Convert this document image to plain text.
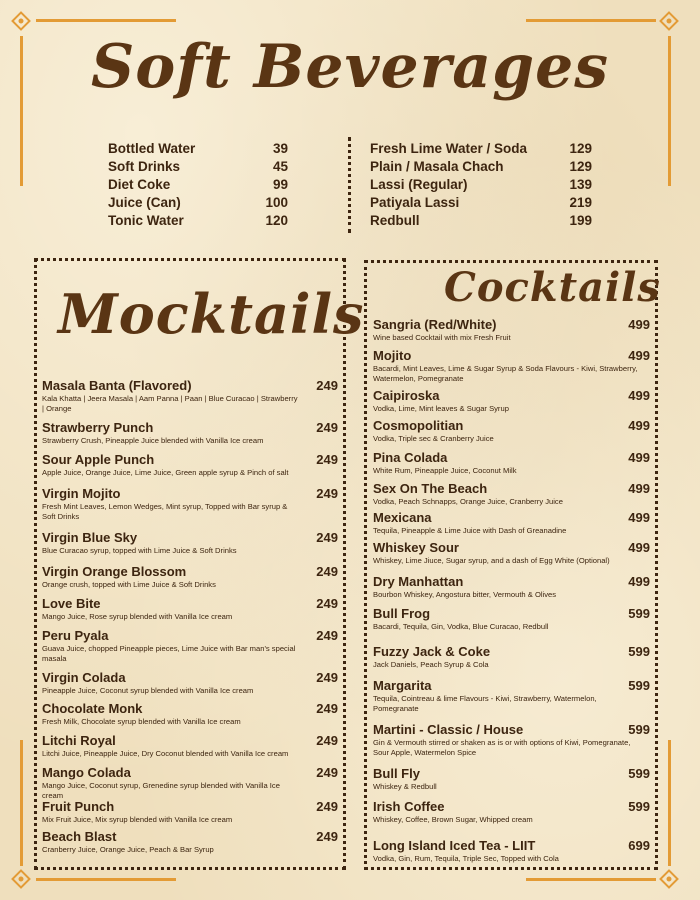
Soft Beverages
Bottled Water	39
Soft Drinks	45
Diet Coke	99
Juice (Can)	100
Tonic Water	120
Fresh Lime Water / Soda	129
Plain / Masala Chach	129
Lassi (Regular)	139
Patiyala Lassi	219
Redbull	199
Mocktails Cocktails
Masala Banta (Flavored)	249
Kala Khatta | Jeera Masala | Aam Panna | Paan | Blue Curacao | Strawberry | Orange
Strawberry Punch	249
Strawberry Crush, Pineapple Juice blended with Vanilla Ice cream
Sour Apple Punch	249
Apple Juice, Orange Juice, Lime Juice, Green apple syrup & Pinch of salt
Virgin Mojito	249
Fresh Mint Leaves, Lemon Wedges, Mint syrup, Topped with Bar syrup & Soft Drinks
Virgin Blue Sky	249
Blue Curacao syrup, topped with Lime Juice & Soft Drinks
Virgin Orange Blossom	249
Orange crush, topped with Lime Juice & Soft Drinks
Love Bite	249
Mango Juice, Rose syrup blended with Vanilla Ice cream
Peru Pyala	249
Guava Juice, chopped Pineapple pieces, Lime Juice with Bar man's special masala
Virgin Colada	249
Pineapple Juice, Coconut syrup blended with Vanilla Ice cream
Chocolate Monk	249
Fresh Milk, Chocolate syrup blended with Vanilla Ice cream
Litchi Royal	249
Litchi Juice, Pineapple Juice, Dry Coconut blended with Vanilla Ice cream
Mango Colada	249
Mango Juice, Coconut syrup, Grenedine syrup blended with Vanilla Ice cream
Fruit Punch	249
Mix Fruit Juice, Mix syrup blended with Vanilla Ice cream
Beach Blast	249
Cranberry Juice, Orange Juice, Peach & Bar Syrup
Sangria (Red/White)	499
Wine based Cocktail with mix Fresh Fruit
Mojito	499
Bacardi, Mint Leaves, Lime & Sugar Syrup & Soda Flavours - Kiwi, Strawberry, Watermelon, Pomegranate
Caipiroska	499
Vodka, Lime, Mint leaves & Sugar Syrup
Cosmopolitian	499
Vodka, Triple sec & Cranberry Juice
Pina Colada	499
White Rum, Pineapple Juice, Coconut Milk
Sex On The Beach	499
Vodka, Peach Schnapps, Orange Juice, Cranberry Juice
Mexicana	499
Tequila, Pineapple & Lime Juice with Dash of Greanadine
Whiskey Sour	499
Whiskey, Lime Jiuce, Sugar syrup, and a dash of Egg White (Optional)
Dry Manhattan	499
Bourbon Whiskey, Angostura bitter, Vermouth & Olives
Bull Frog	599
Bacardi, Tequila, Gin, Vodka, Blue Curacao, Redbull
Fuzzy Jack & Coke	599
Jack Daniels, Peach Syrup & Cola
Margarita	599
Tequila, Cointreau & lime Flavours - Kiwi, Strawberry, Watermelon, Pomegranate
Martini - Classic / House	599
Gin & Vermouth stirred or shaken as is or with options of Kiwi, Pomegranate, Sour Apple, Watermelon Spice
Bull Fly	599
Whiskey & Redbull
Irish Coffee	599
Whiskey, Coffee, Brown Sugar, Whipped cream
Long Island Iced Tea - LIIT	699
Vodka, Gin, Rum, Tequila, Triple Sec, Topped with Cola
